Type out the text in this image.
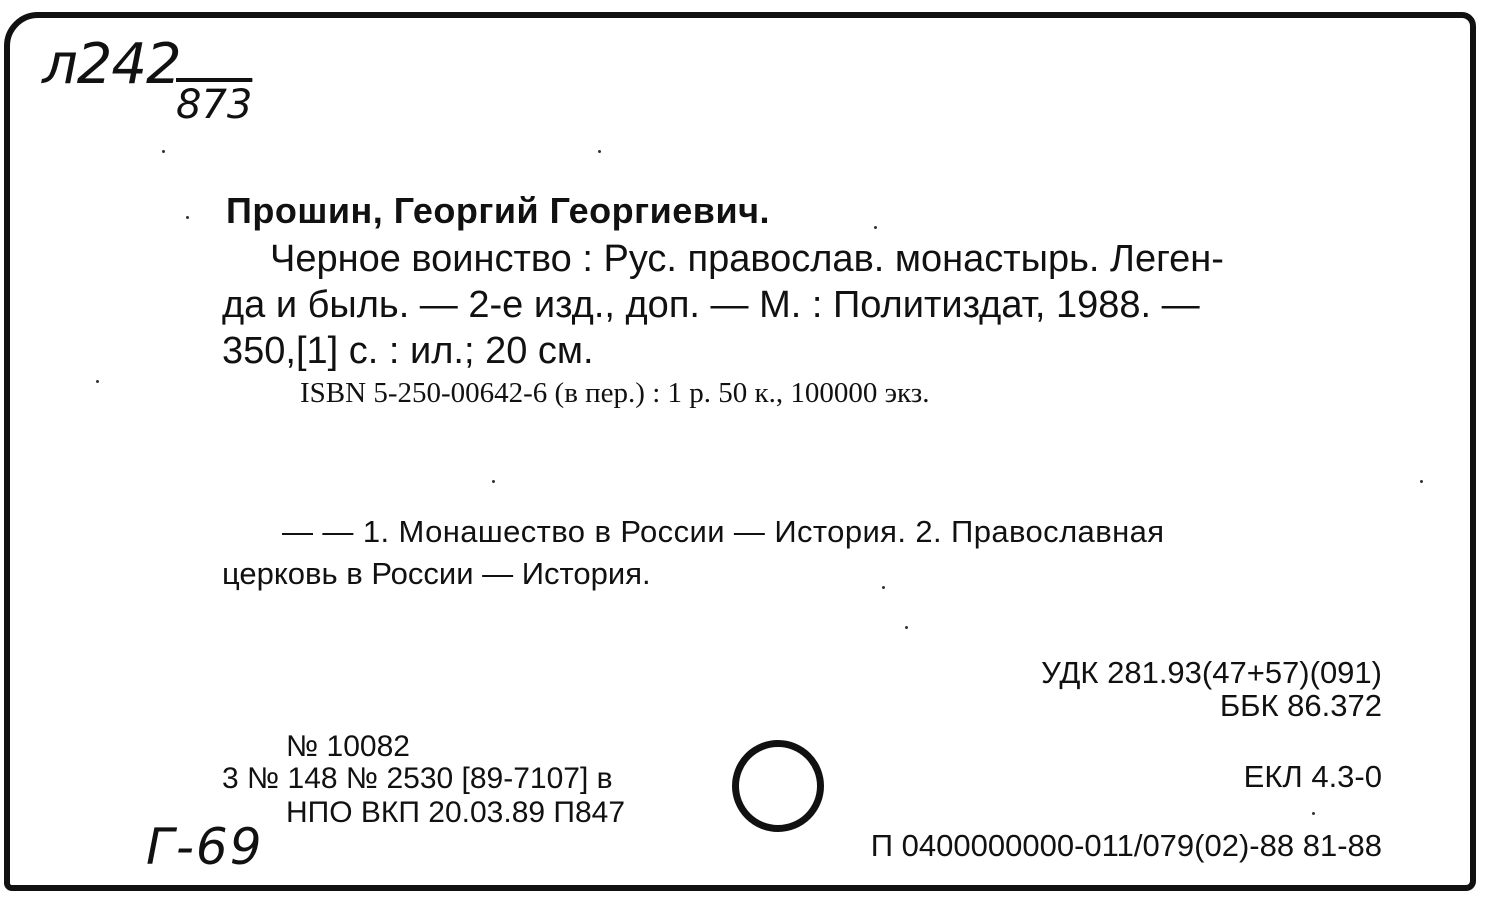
л242
873
Прошин, Георгий Георгиевич.
Черное воинство : Рус. православ. монастырь. Леген-
да и быль. — 2-е изд., доп. — М. : Политиздат, 1988. —
350,[1] с. : ил.; 20 см.
ISBN 5-250-00642-6 (в пер.) : 1 р. 50 к., 100000 экз.
— — 1. Монашество в России — История. 2. Православная
церковь в России — История.
УДК 281.93(47+57)(091)
ББК 86.372
ЕКЛ 4.3-0
№ 10082
3 № 148 № 2530 [89-7107] в
НПО ВКП 20.03.89 П847
П 0400000000-011/079(02)-88 81-88
Г-69
